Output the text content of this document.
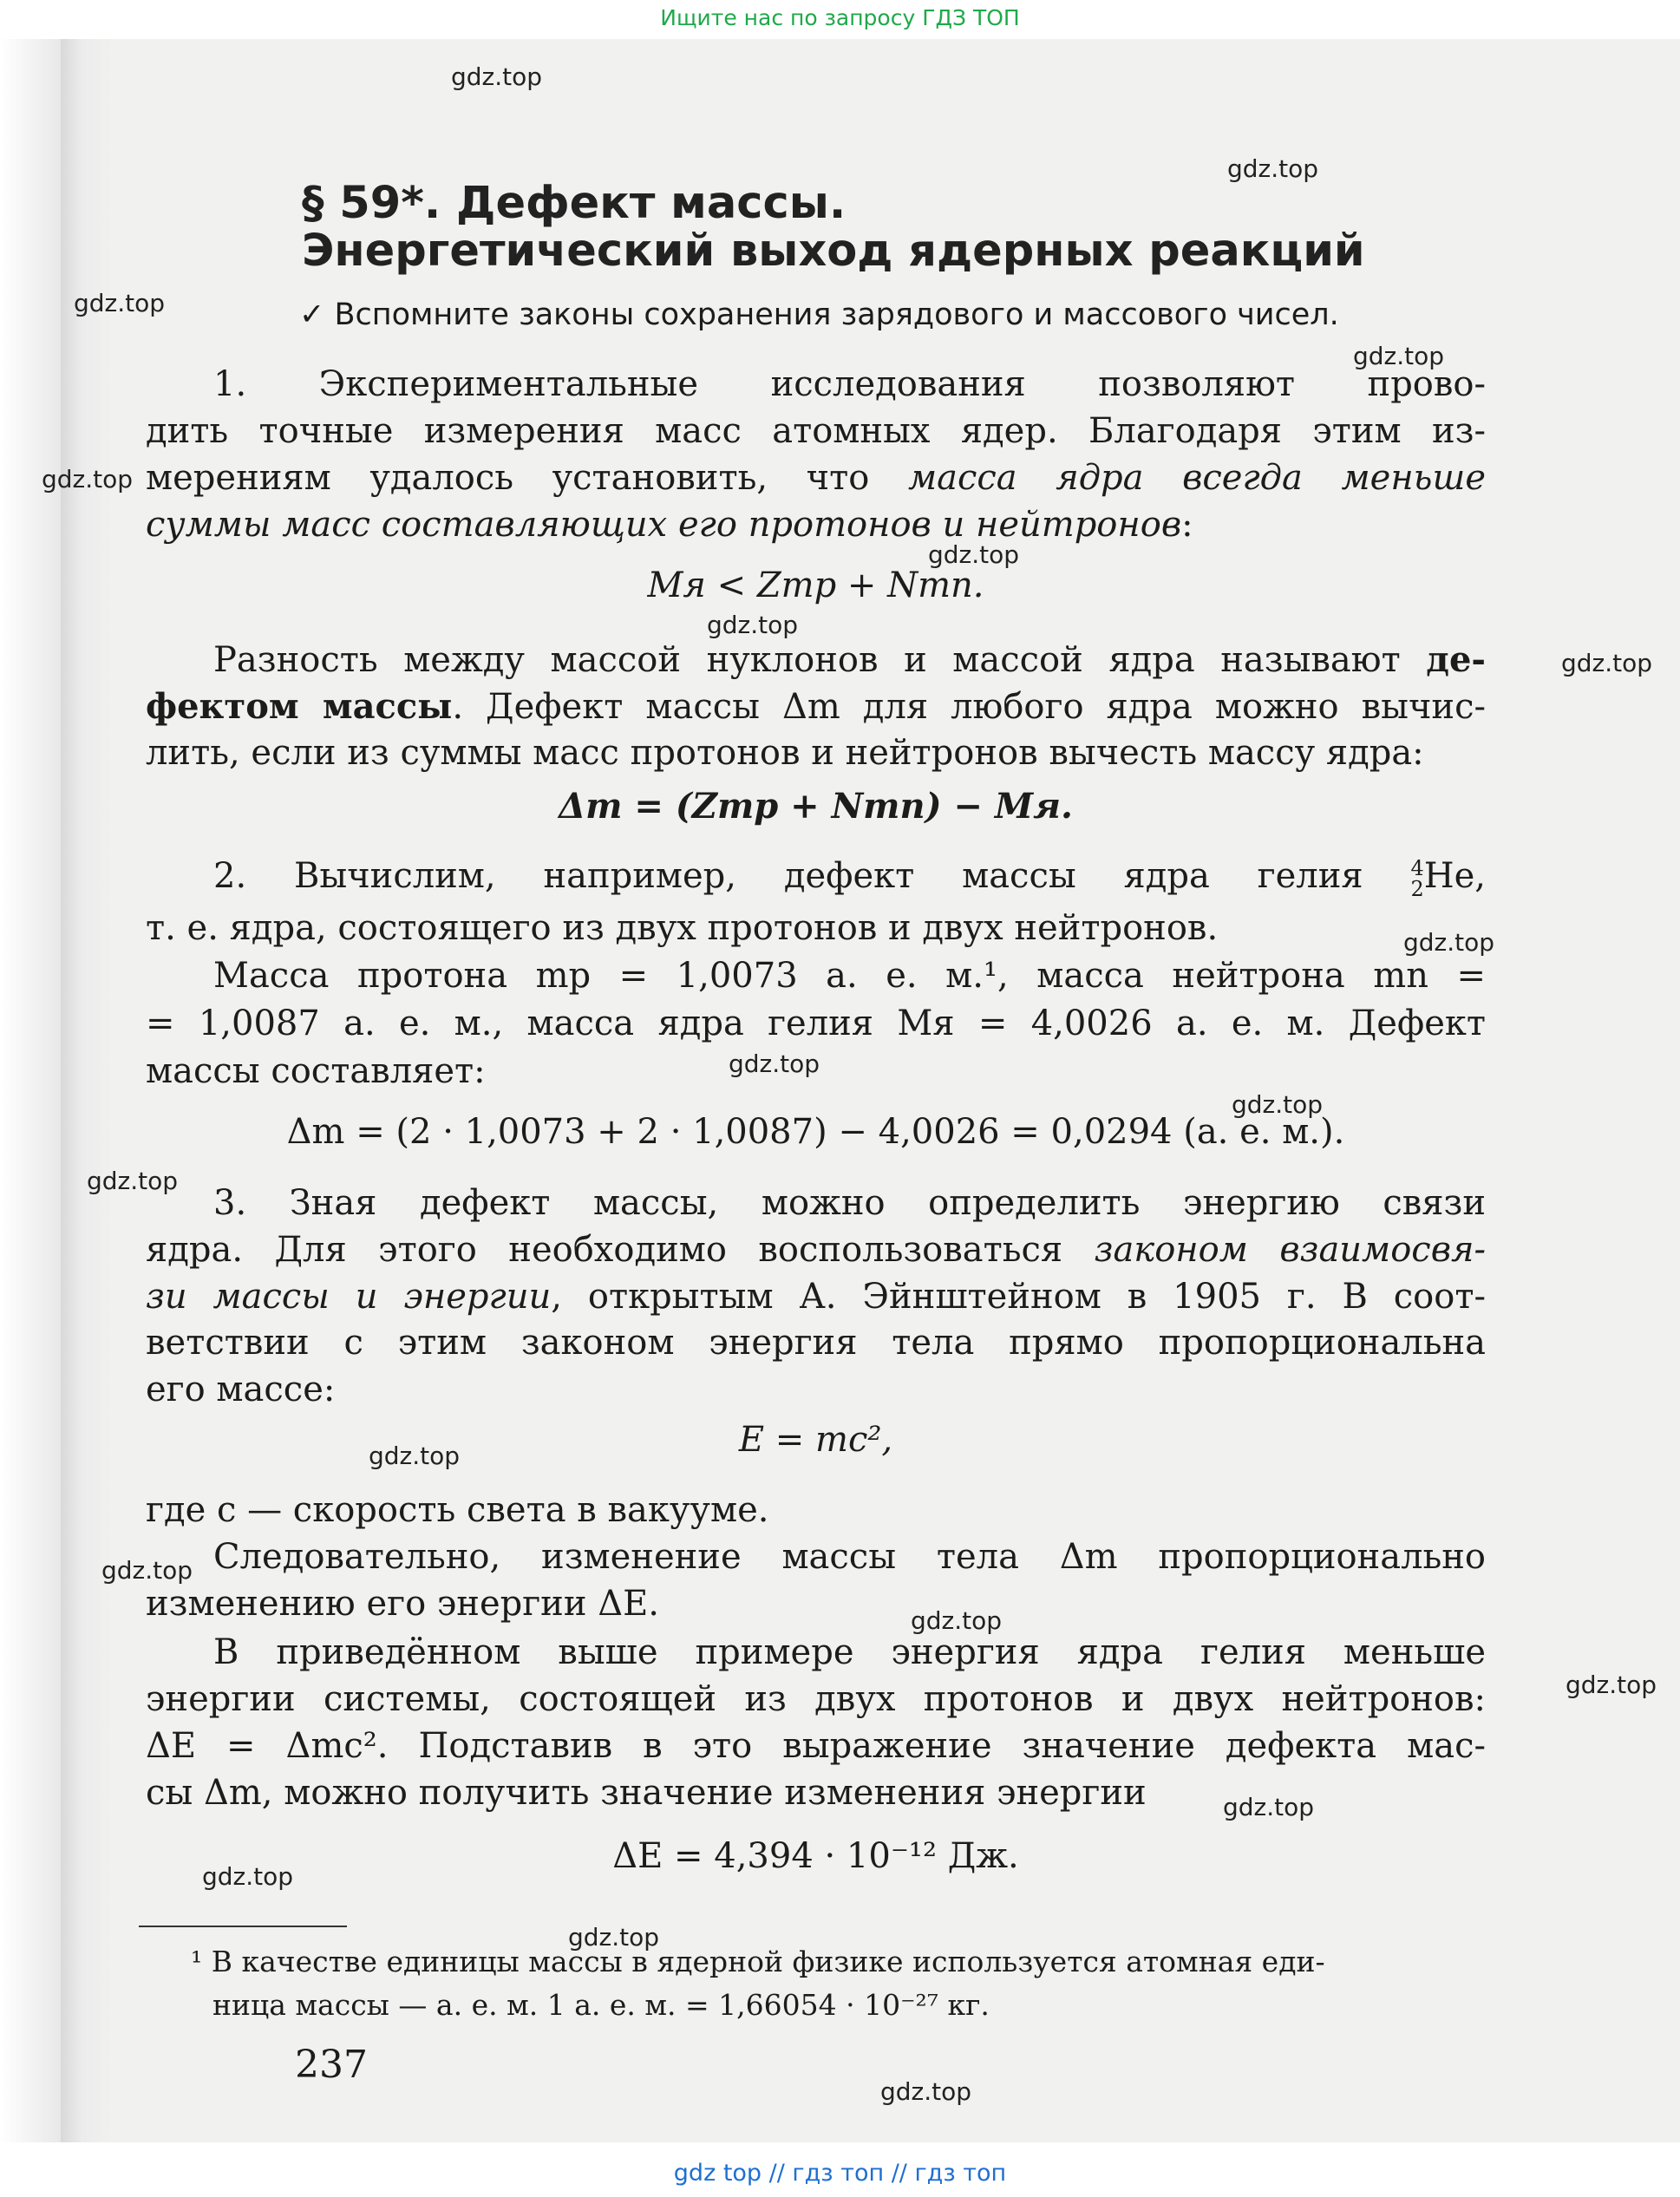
Ищите нас по запросу ГДЗ ТОП
§ 59*. Дефект массы.
Энергетический выход ядерных реакций
✓ Вспомните законы сохранения зарядового и массового чисел.
1. Экспериментальные исследования позволяют прово-
дить точные измерения масс атомных ядер. Благодаря этим из-
мерениям удалось установить, что масса ядра всегда меньше
суммы масс составляющих его протонов и нейтронов:
Mя < Zmp + Nmn.
Разность между массой нуклонов и массой ядра называют де-
фектом массы. Дефект массы Δm для любого ядра можно вычис-
лить, если из суммы масс протонов и нейтронов вычесть массу ядра:
Δm = (Zmp + Nmn) − Mя.
2. Вычислим, например, дефект массы ядра гелия 4
2He,
т. е. ядра, состоящего из двух протонов и двух нейтронов.
Масса протона mp = 1,0073 а. е. м.¹, масса нейтрона mn =
= 1,0087 а. е. м., масса ядра гелия Mя = 4,0026 а. е. м. Дефект
массы составляет:
Δm = (2 · 1,0073 + 2 · 1,0087) − 4,0026 = 0,0294 (а. е. м.).
3. Зная дефект массы, можно определить энергию связи
ядра. Для этого необходимо воспользоваться законом взаимосвя-
зи массы и энергии, открытым А. Эйнштейном в 1905 г. В соот-
ветствии с этим законом энергия тела прямо пропорциональна
его массе:
E = mc²,
где c — скорость света в вакууме.
Следовательно, изменение массы тела Δm пропорционально
изменению его энергии ΔE.
В приведённом выше примере энергия ядра гелия меньше
энергии системы, состоящей из двух протонов и двух нейтронов:
ΔE = Δmc². Подставив в это выражение значение дефекта мас-
сы Δm, можно получить значение изменения энергии
ΔE = 4,394 · 10⁻¹² Дж.
¹ В качестве единицы массы в ядерной физике используется атомная еди-
ница массы — а. е. м. 1 а. е. м. = 1,66054 · 10⁻²⁷ кг.
237
gdz.top
gdz.top
gdz.top
gdz.top
gdz.top
gdz.top
gdz.top
gdz.top
gdz.top
gdz.top
gdz.top
gdz.top
gdz.top
gdz.top
gdz.top
gdz.top
gdz.top
gdz.top
gdz.top
gdz.top
gdz top // гдз топ // гдз топ
